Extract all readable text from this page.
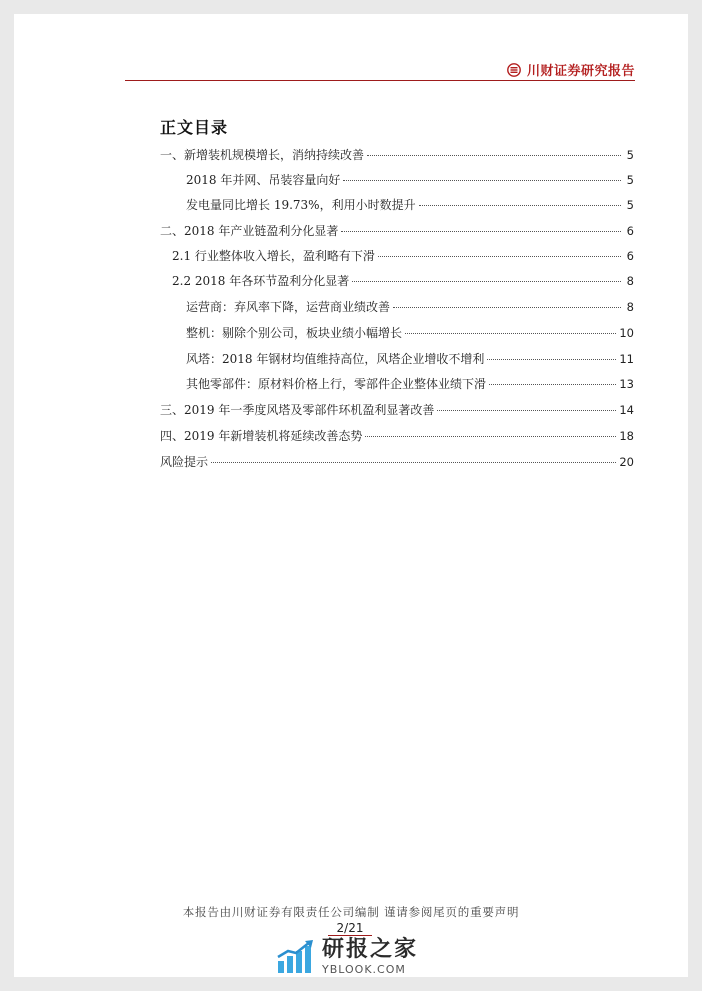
川财证券研究报告
正文目录
一、新增装机规模增长，消纳持续改善	5
2018 年并网、吊装容量向好	5
发电量同比增长 19.73%，利用小时数提升	5
二、2018 年产业链盈利分化显著	6
2.1 行业整体收入增长，盈利略有下滑	6
2.2 2018 年各环节盈利分化显著	8
运营商：弃风率下降，运营商业绩改善	8
整机：剔除个别公司，板块业绩小幅增长	10
风塔：2018 年钢材均值维持高位，风塔企业增收不增利	11
其他零部件：原材料价格上行，零部件企业整体业绩下滑	13
三、2019 年一季度风塔及零部件环机盈利显著改善	14
四、2019 年新增装机将延续改善态势	18
风险提示	20
本报告由川财证券有限责任公司编制 谨请参阅尾页的重要声明
2/21
研报之家
YBLOOK.COM
